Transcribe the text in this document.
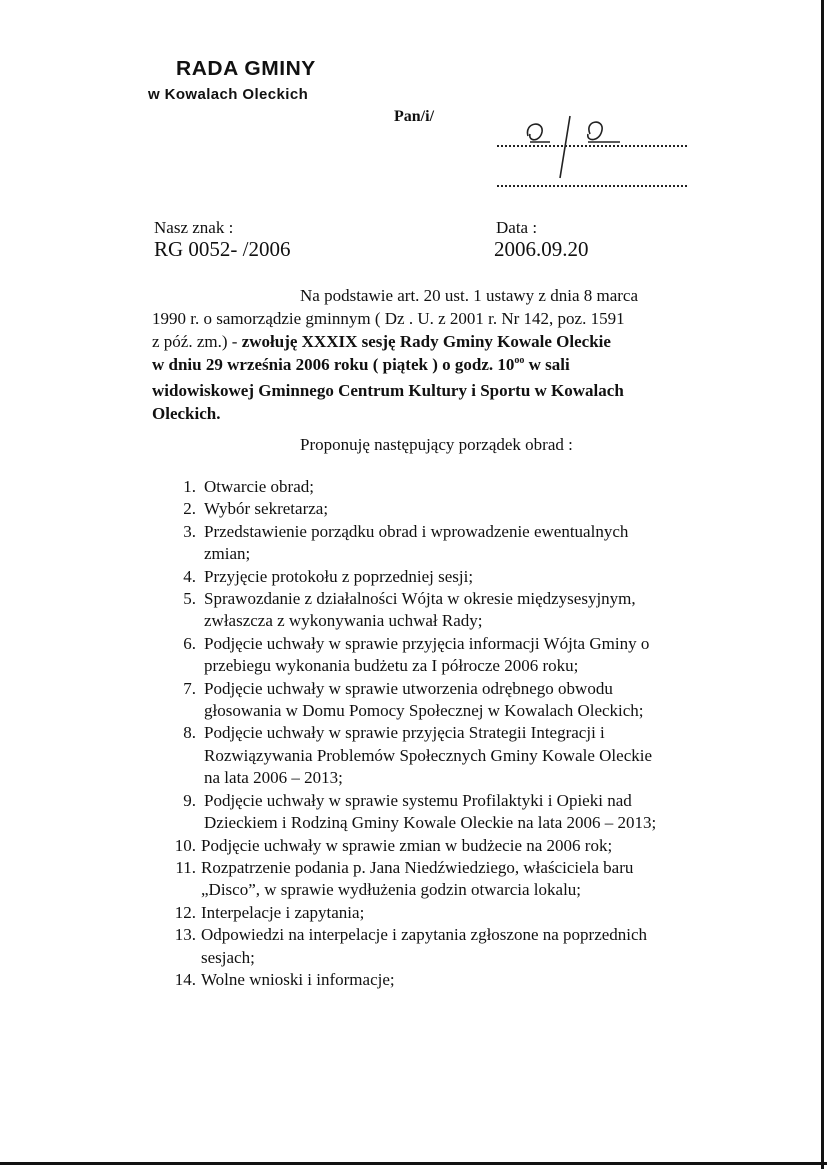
RADA GMINY
w Kowalach Oleckich
Pan/i/
Nasz znak :
RG 0052- /2006
Data :
2006.09.20

Na podstawie art. 20 ust. 1 ustawy z dnia 8 marca

1990 r. o samorządzie gminnym ( Dz . U. z 2001 r. Nr 142, poz. 1591

z póź. zm.) - zwołuję XXXIX sesję Rady Gminy Kowale Oleckie

w dniu 29 września 2006 roku ( piątek ) o godz. $10^{oo}$ w sali

widowiskowej Gminnego Centrum Kultury i Sportu w Kowalach

Oleckich.

Proponuję następujący porządek obrad :
1. Otwarcie obrad;
2. Wybór sekretarza;
3. Przedstawienie porządku obrad i wprowadzenie ewentualnych
zmian;
4. Przyjęcie protokołu z poprzedniej sesji;
5. Sprawozdanie z działalności Wójta w okresie międzysesyjnym,
zwłaszcza z wykonywania uchwał Rady;
6. Podjęcie uchwały w sprawie przyjęcia informacji Wójta Gminy o
przebiegu wykonania budżetu za I półrocze 2006 roku;
7. Podjęcie uchwały w sprawie utworzenia odrębnego obwodu
głosowania w Domu Pomocy Społecznej w Kowalach Oleckich;
8. Podjęcie uchwały w sprawie przyjęcia Strategii Integracji i
Rozwiązywania Problemów Społecznych Gminy Kowale Oleckie
na lata 2006 – 2013;
9. Podjęcie uchwały w sprawie systemu Profilaktyki i Opieki nad
Dzieckiem i Rodziną Gminy Kowale Oleckie na lata 2006 – 2013;
10. Podjęcie uchwały w sprawie zmian w budżecie na 2006 rok;
11. Rozpatrzenie podania p. Jana Niedźwiedziego, właściciela baru
„Disco”, w sprawie wydłużenia godzin otwarcia lokalu;
12. Interpelacje i zapytania;
13. Odpowiedzi na interpelacje i zapytania zgłoszone na poprzednich
sesjach;
14. Wolne wnioski i informacje;
